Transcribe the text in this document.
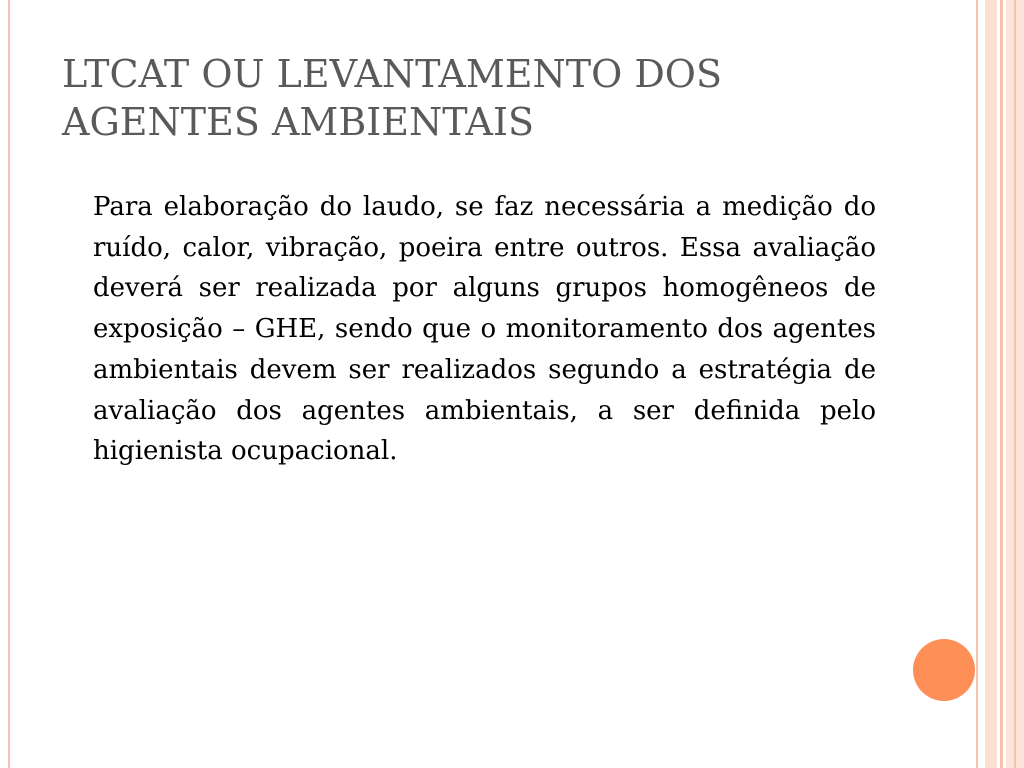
LTCAT OU LEVANTAMENTO DOS AGENTES AMBIENTAIS

Para elaboração do laudo, se faz necessária a medição do ruído, calor, vibração, poeira entre outros. Essa avaliação deverá ser realizada por alguns grupos homogêneos de exposição – GHE, sendo que o monitoramento dos agentes ambientais devem ser realizados segundo a estratégia de avaliação dos agentes ambientais, a ser definida pelo higienista ocupacional.
